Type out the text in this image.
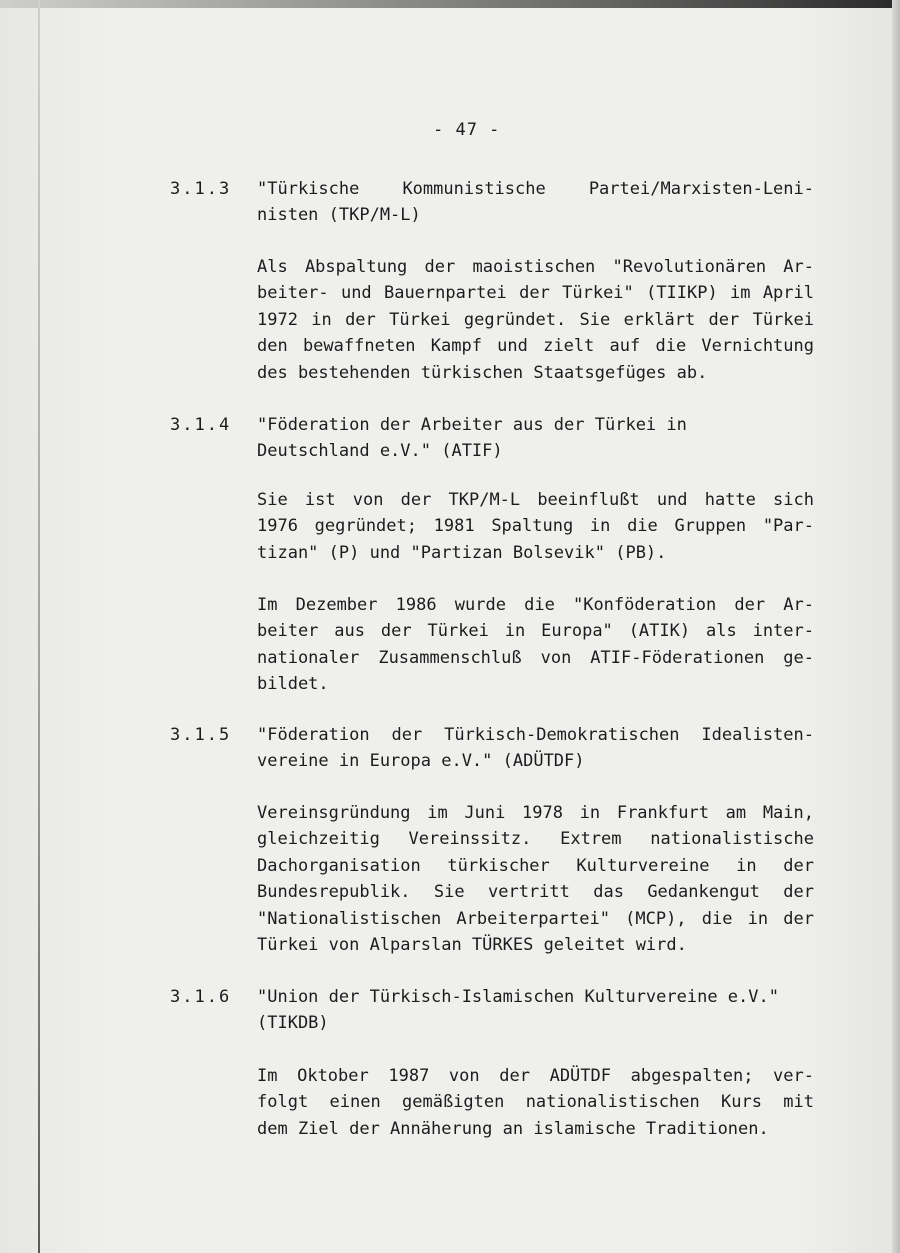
- 47 -
3.1.3 "Türkische Kommunistische Partei/Marxisten-Leni-
nisten (TKP/M-L)
Als Abspaltung der maoistischen "Revolutionären Ar-
beiter- und Bauernpartei der Türkei" (TIIKP) im April
1972 in der Türkei gegründet. Sie erklärt der Türkei
den bewaffneten Kampf und zielt auf die Vernichtung
des bestehenden türkischen Staatsgefüges ab.
3.1.4 "Föderation der Arbeiter aus der Türkei in
Deutschland e.V." (ATIF)
Sie ist von der TKP/M-L beeinflußt und hatte sich
1976 gegründet; 1981 Spaltung in die Gruppen "Par-
tizan" (P) und "Partizan Bolsevik" (PB).
Im Dezember 1986 wurde die "Konföderation der Ar-
beiter aus der Türkei in Europa" (ATIK) als inter-
nationaler Zusammenschluß von ATIF-Föderationen ge-
bildet.
3.1.5 "Föderation der Türkisch-Demokratischen Idealisten-
vereine in Europa e.V." (ADÜTDF)
Vereinsgründung im Juni 1978 in Frankfurt am Main,
gleichzeitig Vereinssitz. Extrem nationalistische
Dachorganisation türkischer Kulturvereine in der
Bundesrepublik. Sie vertritt das Gedankengut der
"Nationalistischen Arbeiterpartei" (MCP), die in der
Türkei von Alparslan TÜRKES geleitet wird.
3.1.6 "Union der Türkisch-Islamischen Kulturvereine e.V."
(TIKDB)
Im Oktober 1987 von der ADÜTDF abgespalten; ver-
folgt einen gemäßigten nationalistischen Kurs mit
dem Ziel der Annäherung an islamische Traditionen.
